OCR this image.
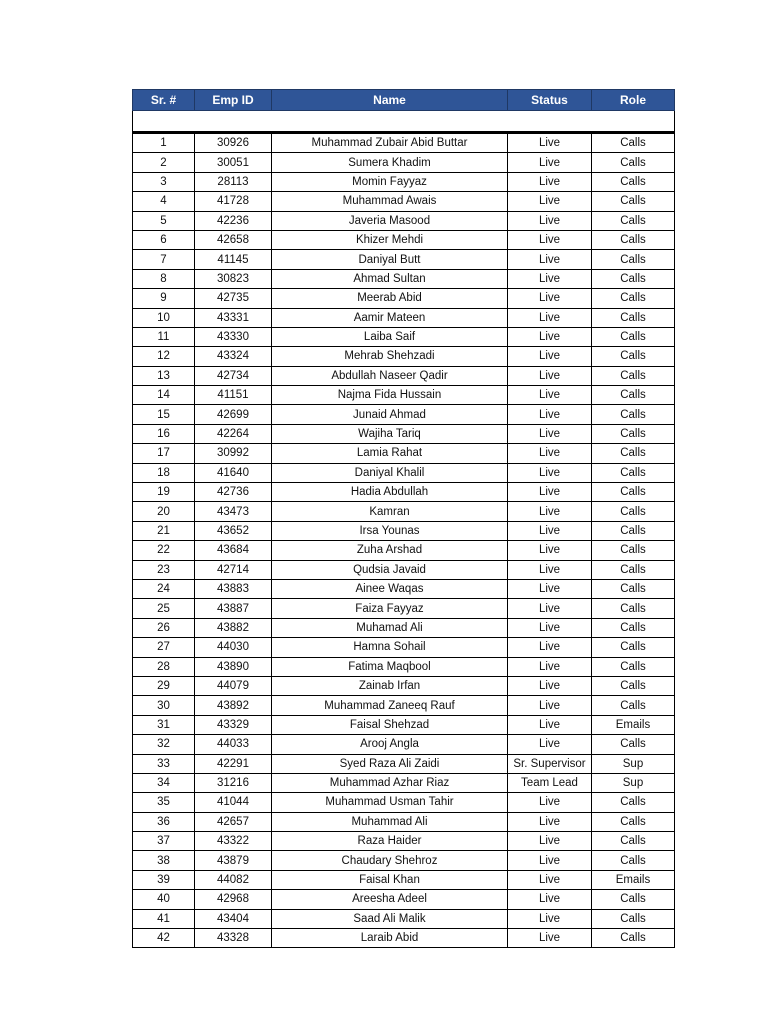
Sr. #	Emp ID	Name	Status	Role

1	30926	Muhammad Zubair Abid Buttar	Live	Calls
2	30051	Sumera Khadim	Live	Calls
3	28113	Momin Fayyaz	Live	Calls
4	41728	Muhammad Awais	Live	Calls
5	42236	Javeria Masood	Live	Calls
6	42658	Khizer Mehdi	Live	Calls
7	41145	Daniyal Butt	Live	Calls
8	30823	Ahmad Sultan	Live	Calls
9	42735	Meerab Abid	Live	Calls
10	43331	Aamir Mateen	Live	Calls
11	43330	Laiba Saif	Live	Calls
12	43324	Mehrab Shehzadi	Live	Calls
13	42734	Abdullah Naseer Qadir	Live	Calls
14	41151	Najma Fida Hussain	Live	Calls
15	42699	Junaid Ahmad	Live	Calls
16	42264	Wajiha Tariq	Live	Calls
17	30992	Lamia Rahat	Live	Calls
18	41640	Daniyal Khalil	Live	Calls
19	42736	Hadia Abdullah	Live	Calls
20	43473	Kamran	Live	Calls
21	43652	Irsa Younas	Live	Calls
22	43684	Zuha Arshad	Live	Calls
23	42714	Qudsia Javaid	Live	Calls
24	43883	Ainee Waqas	Live	Calls
25	43887	Faiza Fayyaz	Live	Calls
26	43882	Muhamad Ali	Live	Calls
27	44030	Hamna Sohail	Live	Calls
28	43890	Fatima Maqbool	Live	Calls
29	44079	Zainab Irfan	Live	Calls
30	43892	Muhammad Zaneeq Rauf	Live	Calls
31	43329	Faisal Shehzad	Live	Emails
32	44033	Arooj Angla	Live	Calls
33	42291	Syed Raza Ali Zaidi	Sr. Supervisor	Sup
34	31216	Muhammad Azhar Riaz	Team Lead	Sup
35	41044	Muhammad Usman Tahir	Live	Calls
36	42657	Muhammad Ali	Live	Calls
37	43322	Raza Haider	Live	Calls
38	43879	Chaudary Shehroz	Live	Calls
39	44082	Faisal Khan	Live	Emails
40	42968	Areesha Adeel	Live	Calls
41	43404	Saad Ali Malik	Live	Calls
42	43328	Laraib Abid	Live	Calls
